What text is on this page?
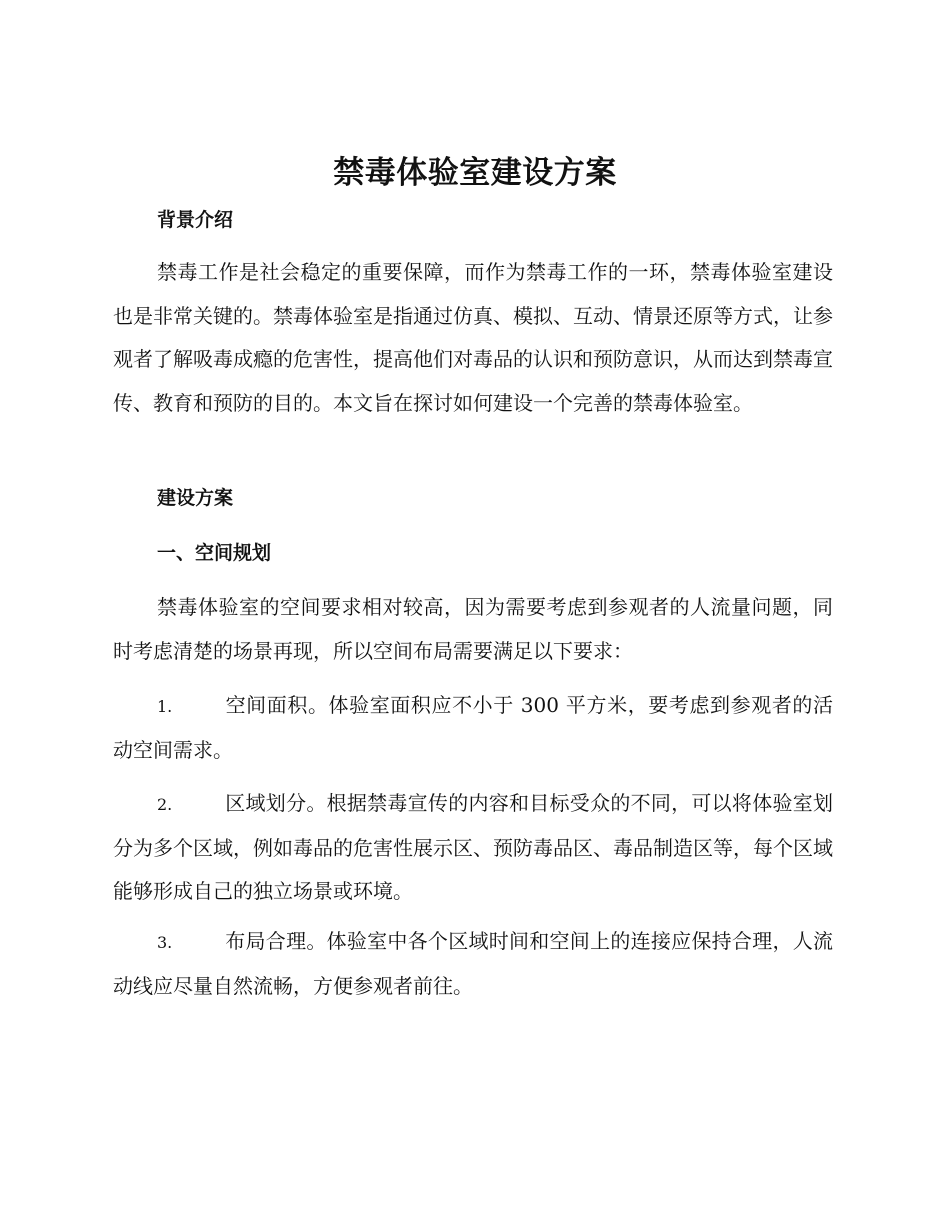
禁毒体验室建设方案
背景介绍

禁毒工作是社会稳定的重要保障，而作为禁毒工作的一环，禁毒体验室建设也是非常关键的。禁毒体验室是指通过仿真、模拟、互动、情景还原等方式，让参观者了解吸毒成瘾的危害性，提高他们对毒品的认识和预防意识，从而达到禁毒宣传、教育和预防的目的。本文旨在探讨如何建设一个完善的禁毒体验室。

建设方案
一、空间规划

禁毒体验室的空间要求相对较高，因为需要考虑到参观者的人流量问题，同时考虑清楚的场景再现，所以空间布局需要满足以下要求：

1.	空间面积。体验室面积应不小于 300 平方米，要考虑到参观者的活动空间需求。

2.	区域划分。根据禁毒宣传的内容和目标受众的不同，可以将体验室划分为多个区域，例如毒品的危害性展示区、预防毒品区、毒品制造区等，每个区域能够形成自己的独立场景或环境。

3.	布局合理。体验室中各个区域时间和空间上的连接应保持合理，人流动线应尽量自然流畅，方便参观者前往。
